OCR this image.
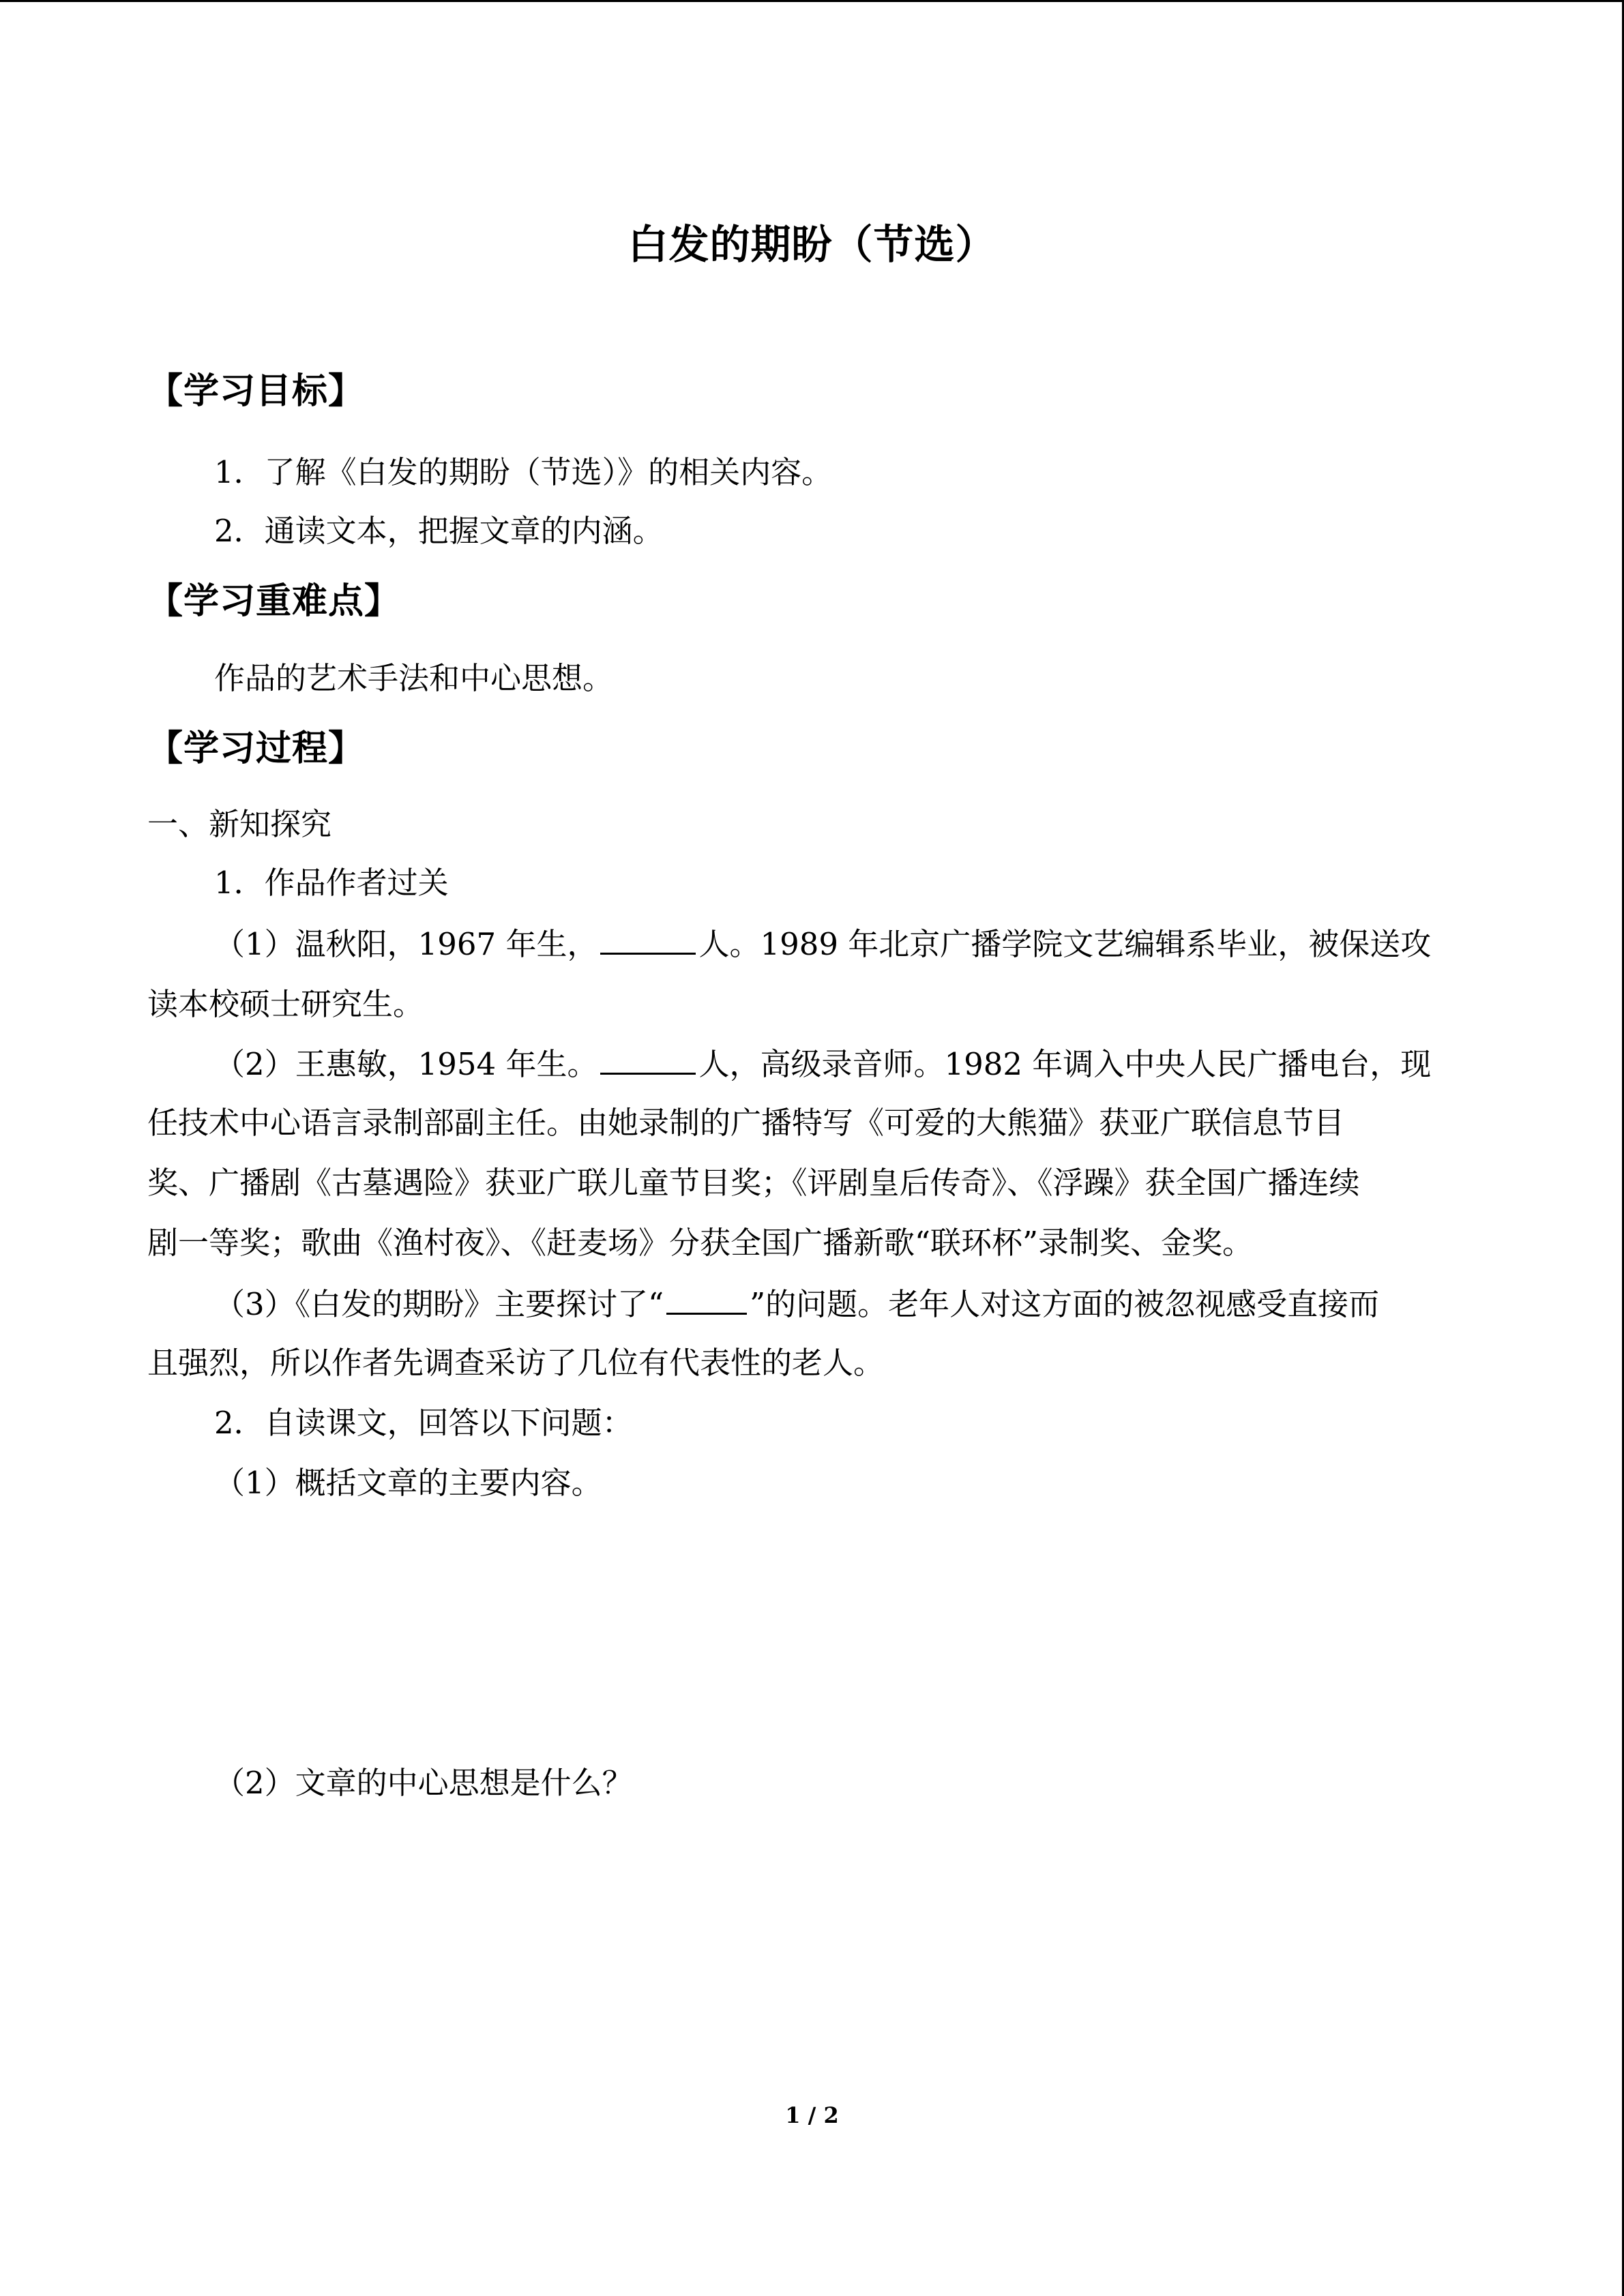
白发的期盼（节选）
【学习目标】
1．了解《白发的期盼（节选）》的相关内容。
2．通读文本，把握文章的内涵。
【学习重难点】
作品的艺术手法和中心思想。
【学习过程】
一、新知探究
1．作品作者过关
（1）温秋阳，1967 年生，	人。1989 年北京广播学院文艺编辑系毕业，被保送攻
读本校硕士研究生。
（2）王惠敏，1954 年生。	人，高级录音师。1982 年调入中央人民广播电台，现
任技术中心语言录制部副主任。由她录制的广播特写《可爱的大熊猫》获亚广联信息节目
奖、广播剧《古墓遇险》获亚广联儿童节目奖；《评剧皇后传奇》、《浮躁》获全国广播连续
剧一等奖；歌曲《渔村夜》、《赶麦场》分获全国广播新歌“联环杯”录制奖、金奖。
（3）《白发的期盼》主要探讨了“	”的问题。老年人对这方面的被忽视感受直接而
且强烈，所以作者先调查采访了几位有代表性的老人。
2．自读课文，回答以下问题：
（1）概括文章的主要内容。
（2）文章的中心思想是什么？
1 / 2
